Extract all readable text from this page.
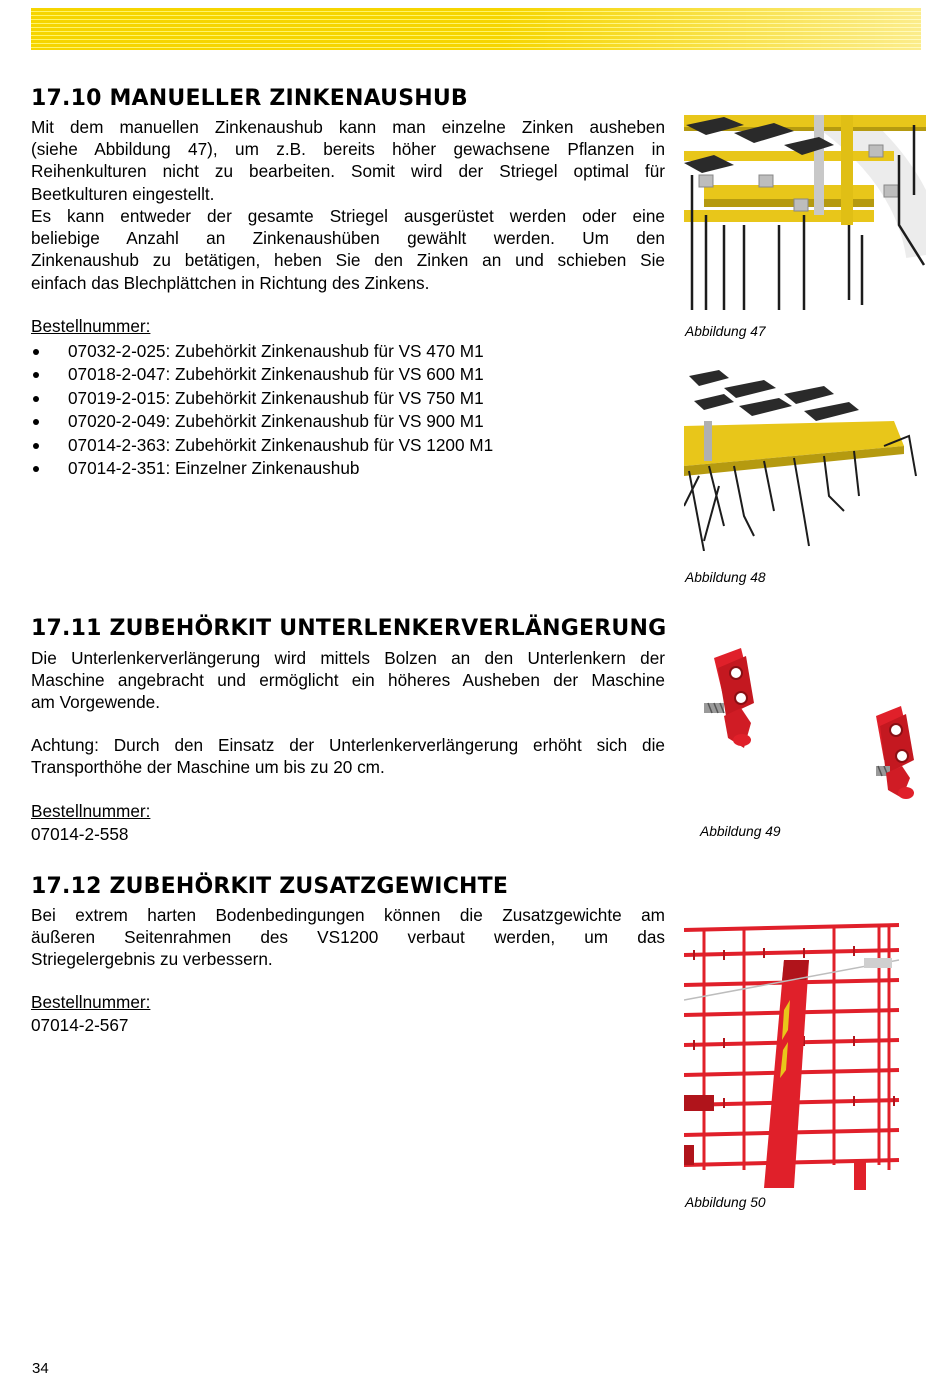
17.10 MANUELLER ZINKENAUSHUB
Mit dem manuellen Zinkenaushub kann man einzelne Zinken ausheben
(siehe Abbildung 47), um z.B. bereits höher gewachsene Pflanzen in
Reihenkulturen nicht zu bearbeiten. Somit wird der Striegel optimal für
Beetkulturen eingestellt.
Es kann entweder der gesamte Striegel ausgerüstet werden oder eine
beliebige Anzahl an Zinkenaushüben gewählt werden. Um den
Zinkenaushub zu betätigen, heben Sie den Zinken an und schieben Sie
einfach das Blechplättchen in Richtung des Zinkens.
Bestellnummer:
07032-2-025: Zubehörkit Zinkenaushub für VS 470 M1
07018-2-047: Zubehörkit Zinkenaushub für VS 600 M1
07019-2-015: Zubehörkit Zinkenaushub für VS 750 M1
07020-2-049: Zubehörkit Zinkenaushub für VS 900 M1
07014-2-363: Zubehörkit Zinkenaushub für VS 1200 M1
07014-2-351: Einzelner Zinkenaushub
Abbildung 47
Abbildung 48
17.11 ZUBEHÖRKIT UNTERLENKERVERLÄNGERUNG
Die Unterlenkerverlängerung wird mittels Bolzen an den Unterlenkern der
Maschine angebracht und ermöglicht ein höheres Ausheben der Maschine
am Vorgewende.
Achtung: Durch den Einsatz der Unterlenkerverlängerung erhöht sich die
Transporthöhe der Maschine um bis zu 20 cm.
Bestellnummer:
07014-2-558	Abbildung 49
17.12 ZUBEHÖRKIT ZUSATZGEWICHTE
Bei extrem harten Bodenbedingungen können die Zusatzgewichte am
äußeren Seitenrahmen des VS1200 verbaut werden, um das
Striegelergebnis zu verbessern.
Bestellnummer:
07014-2-567
Abbildung 50
34
